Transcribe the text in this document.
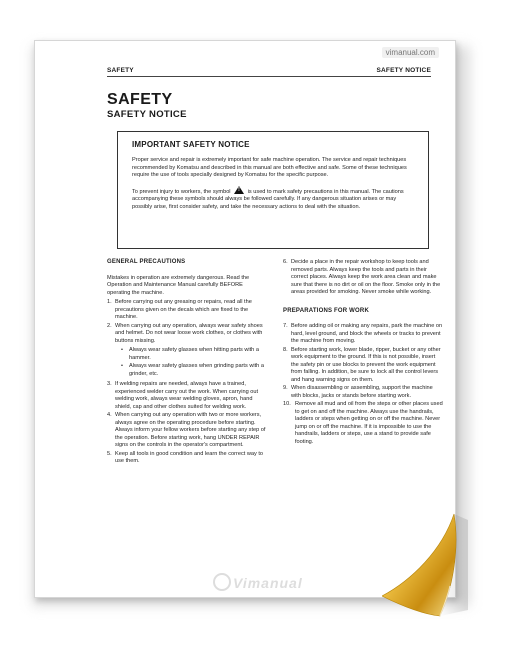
vimanual.com
SAFETY	SAFETY NOTICE
SAFETY
SAFETY NOTICE

IMPORTANT SAFETY NOTICE

Proper service and repair is extremely important for safe machine operation. The service and repair techniques recommended by Komatsu and described in this manual are both effective and safe. Some of these techniques require the use of tools specially designed by Komatsu for the specific purpose.

To prevent injury to workers, the symbol !	is used to mark safety precautions in this manual. The cautions accompanying these symbols should always be followed carefully. If any dangerous situation arises or may possibly arise, first consider safety, and take the necessary actions to deal with the situation.

GENERAL PRECAUTIONS

Mistakes in operation are extremely dangerous. Read the Operation and Maintenance Manual carefully BEFORE operating the machine.

1. Before carrying out any greasing or repairs, read all the precautions given on the decals which are fixed to the machine.
2. When carrying out any operation, always wear safety shoes and helmet. Do not wear loose work clothes, or clothes with buttons missing.
•	Always wear safety glasses when hitting parts with a hammer.
•	Always wear safety glasses when grinding parts with a grinder, etc.
3. If welding repairs are needed, always have a trained, experienced welder carry out the work. When carrying out welding work, always wear welding gloves, apron, hand shield, cap and other clothes suited for welding work.
4. When carrying out any operation with two or more workers, always agree on the operating procedure before starting. Always inform your fellow workers before starting any step of the operation. Before starting work, hang UNDER REPAIR signs on the controls in the operator's compartment.
5. Keep all tools in good condition and learn the correct way to use them.
6. Decide a place in the repair workshop to keep tools and removed parts. Always keep the tools and parts in their correct places. Always keep the work area clean and make sure that there is no dirt or oil on the floor. Smoke only in the areas provided for smoking. Never smoke while working.

PREPARATIONS FOR WORK

7. Before adding oil or making any repairs, park the machine on hard, level ground, and block the wheels or tracks to prevent the machine from moving.
8. Before starting work, lower blade, ripper, bucket or any other work equipment to the ground. If this is not possible, insert the safety pin or use blocks to prevent the work equipment from falling. In addition, be sure to lock all the control levers and hang warning signs on them.
9. When disassembling or assembling, support the machine with blocks, jacks or stands before starting work.
10. Remove all mud and oil from the steps or other places used to get on and off the machine. Always use the handrails, ladders or steps when getting on or off the machine. Never jump on or off the machine. If it is impossible to use the handrails, ladders or steps, use a stand to provide safe footing.
Vimanual
